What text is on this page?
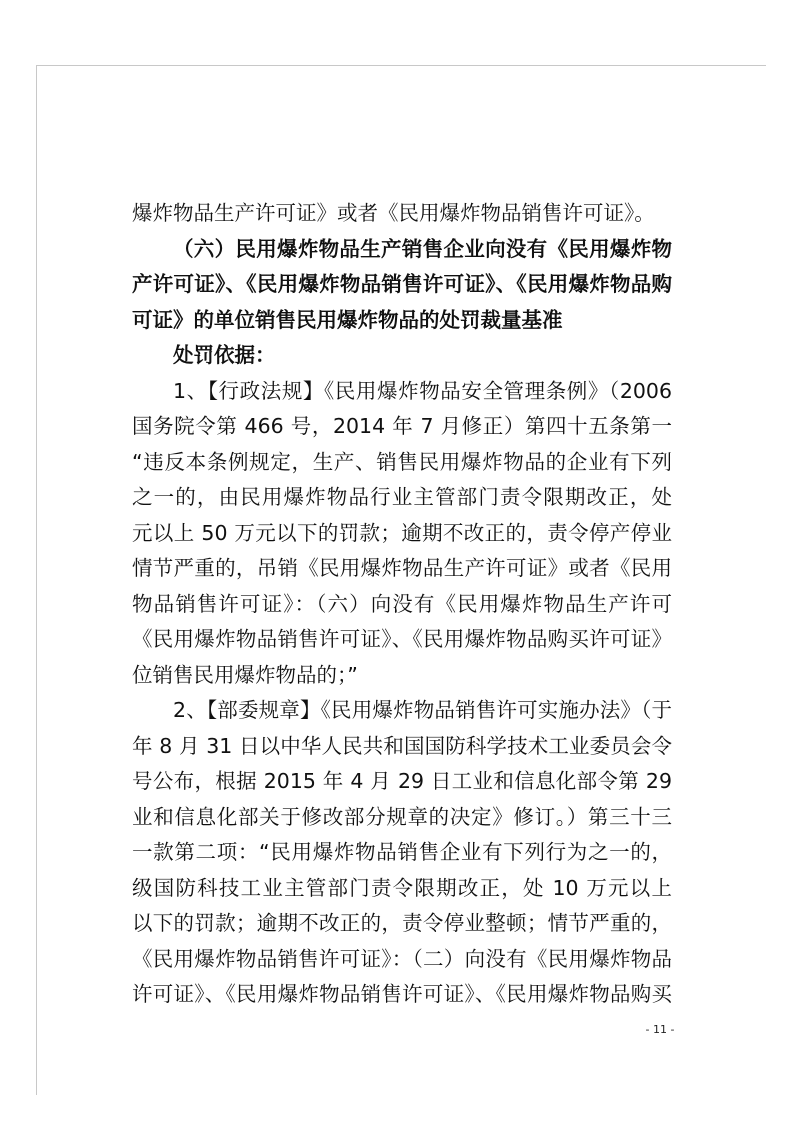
爆炸物品生产许可证》或者《民用爆炸物品销售许可证》。
（六）民用爆炸物品生产销售企业向没有《民用爆炸物
产许可证》、《民用爆炸物品销售许可证》、《民用爆炸物品购
可证》的单位销售民用爆炸物品的处罚裁量基准
处罚依据：
1、【行政法规】《民用爆炸物品安全管理条例》（2006
国务院令第 466 号，2014 年 7 月修正）第四十五条第一
“违反本条例规定，生产、销售民用爆炸物品的企业有下列
之一的，由民用爆炸物品行业主管部门责令限期改正，处
元以上 50 万元以下的罚款；逾期不改正的，责令停产停业
情节严重的，吊销《民用爆炸物品生产许可证》或者《民用
物品销售许可证》：（六）向没有《民用爆炸物品生产许可
《民用爆炸物品销售许可证》、《民用爆炸物品购买许可证》
位销售民用爆炸物品的；”
2、【部委规章】《民用爆炸物品销售许可实施办法》（于
年 8 月 31 日以中华人民共和国国防科学技术工业委员会令
号公布，根据 2015 年 4 月 29 日工业和信息化部令第 29
业和信息化部关于修改部分规章的决定》修订。）第三十三
一款第二项：“民用爆炸物品销售企业有下列行为之一的，
级国防科技工业主管部门责令限期改正，处 10 万元以上
以下的罚款；逾期不改正的，责令停业整顿；情节严重的，
《民用爆炸物品销售许可证》：（二）向没有《民用爆炸物品
许可证》、《民用爆炸物品销售许可证》、《民用爆炸物品购买
- 11 -
